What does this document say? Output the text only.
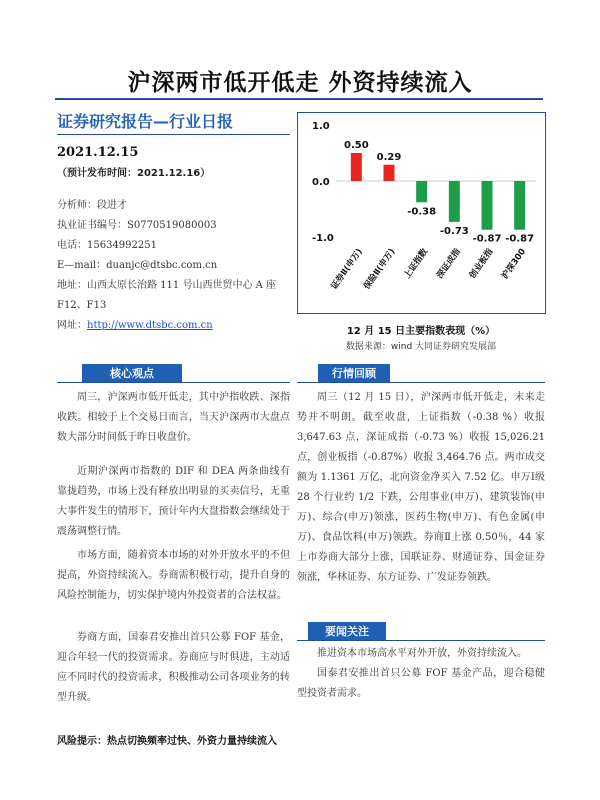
沪深两市低开低走 外资持续流入
证券研究报告—行业日报
2021.12.15
（预计发布时间：2021.12.16）
分析师：段进才
执业证书编号：S0770519080003
电话：15634992251
E—mail：duanjc@dtsbc.com.cn
地址：山西太原长治路 111 号山西世贸中心 A 座
F12、F13
网址：http://www.dtsbc.com.cn
1.0
0.0
-1.0
0.50
证券Ⅱ(申万)
0.29
保险Ⅱ(申万)
-0.38
上证指数
-0.73
深证成指
-0.87
创业板指
-0.87
沪深300
12 月 15 日主要指数表现（%）
数据来源：wind 大同证券研究发展部
核心观点
周三，沪深两市低开低走，其中沪指收跌、深指收跌。相较于上个交易日而言，当天沪深两市大盘点数大部分时间低于昨日收盘价。
近期沪深两市指数的 DIF 和 DEA 两条曲线有靠拢趋势，市场上没有释放出明显的买卖信号，无重大事件发生的情形下，预计年内大盘指数会继续处于震荡调整行情。
市场方面，随着资本市场的对外开放水平的不但提高，外资持续流入。券商需积极行动，提升自身的风险控制能力，切实保护境内外投资者的合法权益。
券商方面，国泰君安推出首只公募 FOF 基金，迎合年轻一代的投资需求。券商应与时俱进，主动适应不同时代的投资需求，积极推动公司各项业务的转型升级。
风险提示：热点切换频率过快、外资力量持续流入
行情回顾
周三（12 月 15 日），沪深两市低开低走，未来走势并不明朗。截至收盘，上证指数（-0.38 %）收报 3,647.63 点，深证成指（-0.73 %）收报 15,026.21 点，创业板指（-0.87%）收报 3,464.76 点。两市成交额为 1.1361 万亿，北向资金净买入 7.52 亿。申万Ⅰ级 28 个行业约 1/2 下跌，公用事业(申万)、建筑装饰(申万)、综合(申万)领涨，医药生物(申万)、有色金属(申万)、食品饮料(申万)领跌。券商Ⅱ上涨 0.50％，44 家上市券商大部分上涨，国联证券、财通证券、国金证券领涨，华林证券、东方证券、广发证券领跌。
要闻关注
推进资本市场高水平对外开放，外资持续流入。
国泰君安推出首只公募 FOF 基金产品，迎合稳健型投资者需求。
